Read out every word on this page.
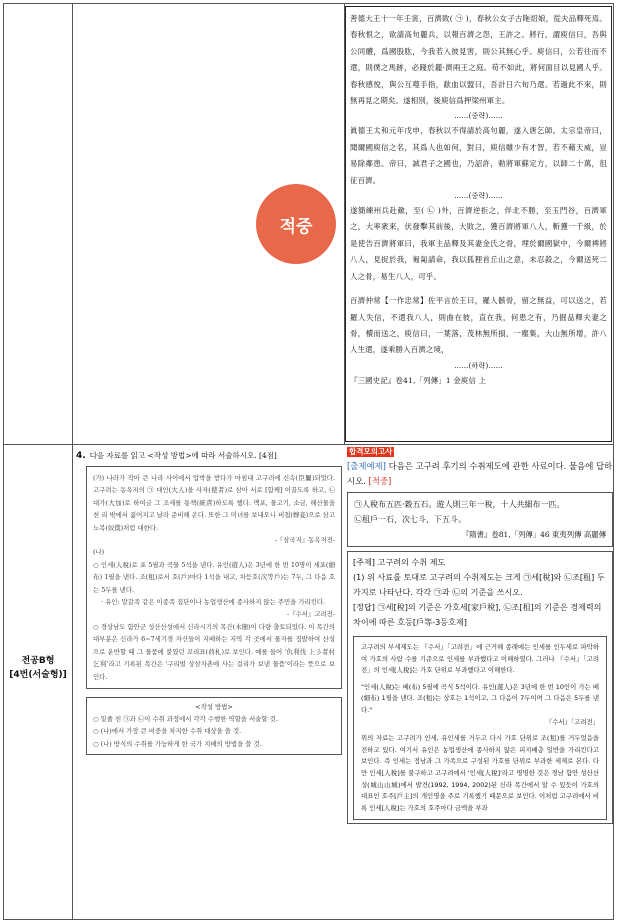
善德大王十一年壬寅，百濟敗( ㉠ )，春秋公女子古陁炤娘，從夫品釋死焉。春秋恨之，欲請高句麗兵，以報百濟之怨，王許之。將行，謂庾信曰，吾與公同體，爲國股肱，今我若入彼見害，則公其無心乎。庾信曰，公若往而不還，則僕之馬跡，必踐於麗·濟兩王之庭。苟不如此，將何面目以見國人乎。春秋感悅，與公互噬手指，歃血以盟曰，吾計日六旬乃還。若過此不來，則無再見之期矣。遂相別，後庾信爲押梁州軍主。

……(중략)……

眞德王太和元年戊申，春秋以不得請於高句麗，遂入唐乞師。太宗皇帝曰，聞爾國庾信之名，其爲人也如何，對曰，庾信雖少有才智，若不藉天威，豈易除鄰患。帝曰，誠君子之國也，乃詔許，勅將軍蘇定方，以師二十萬，徂征百濟。

……(중략)……

遂簡練州兵赴敵，至( ㉡ )外，百濟逆拒之，伴北不勝，至玉門谷，百濟軍之，大率衆來，伏發擊其前後，大敗之，獲百濟將軍八人，斬獲一千級，於是使告百濟將軍曰，我軍主品釋及其妻金氏之骨，埋於爾國獄中，今爾裨將八人，見捉於我，匍匐請命，我以狐狸首丘山之意，未忍殺之，今爾送死二人之骨，易生八人，可乎。

百濟仲常【一作忠常】佐平言於王曰，羅人骸骨，留之無益，可以送之，若羅人失信，不還我八人，則曲在彼，直在我，何患之有，乃掘品釋夫妻之骨，櫝而送之，庾信曰，一葉落，茂林無所損，一塵集，大山無所增，許八人生還，遂乘勝入百濟之境，

……(하략)……

『三國史記』卷41,「列傳」1 金庾信 上

적중
전공B형
[4번(서술형)]
4. 다음 자료를 읽고 <작성 방법>에 따라 서술하시오. [4점]

(가) 나라가 작아 큰 나라 사이에서 압박을 받다가 마침내 고구려에 신속(臣屬)되었다. 고구려는 동옥저의 ㉠ 대인(大人)을 사자(使者)로 삼아 서로 [함께] 이끌도록 하고, ㉡ 대가(大加)로 하여금 그 조세를 통책(統責)하도록 했다. 맥포, 물고기, 소금, 해산물을 천 리 밖에서 짊어지고 날라 준비해 온다. 또한 그 미녀를 보내오니 비첩(婢妾)으로 삼고 노복(奴僕)처럼 대한다.

-『삼국지』동옥저전-

(나)

○ 인세(人稅)로 포 5필과 곡물 5석을 낸다. 유인(遊人)은 3년에 한 번 10명이 세포(細布) 1필을 낸다. 조(租)로서 호(戶)마다 1석을 내고, 차등호(次等戶)는 7두, 그 다음 호는 5두를 낸다.

· 유인: 말갈족 같은 이종족 집단이나 농업생산에 종사하지 않는 주민을 가리킨다.

-『수서』고려전-

○ 경상남도 함안군 성산산성에서 신라시기의 목간(木簡)이 다량 출토되었다. 이 목간의 대부분은 신라가 6~7세기경 자신들이 지배하는 지역 각 곳에서 물자를 징발하여 산성으로 운반할 때 그 물품에 붙였던 꼬리표(荷札)로 보인다. 예를 들어 '仇利伐 上彡者村 乞利'라고 기록된 목간은 '구리벌 상삼자촌에 사는 걸리가 보낸 물품'이라는 뜻으로 보인다.

<작성 방법>

○ 밑줄 친 ㉠과 ㉡이 수취 과정에서 각각 수행한 역할을 서술할 것.

○ (나)에서 가장 큰 비중을 차지한 수취 대상을 쓸 것.

○ (나) 방식의 수취를 가능하게 한 국가 지배의 방법을 쓸 것.

합격모의고사
[출제예제] 다음은 고구려 후기의 수취제도에 관한 사료이다. 물음에 답하시오. [적중]

㉠人稅布五匹·穀五石。遊人則三年一稅，十人共細布一匹。

㉡租戶一石，次七斗，下五斗。

『隋書』卷81,「列傳」46 東夷列傳 高麗傳

[주제] 고구려의 수취 제도

(1) 위 사료를 토대로 고구려의 수취제도는 크게 ㉠세[稅]와 ㉡조[租] 두 가지로 나타난다. 각각 ㉠과 ㉡의 기준을 쓰시오.

[정답] ㉠세[稅]의 기준은 가호세[家戶稅], ㉡조[租]의 기준은 경제력의 차이에 따른 호등[戶等-3등호제]

고구려의 부세제도는 『수서』「고려전」에 근거해 종래에는 인세를 인두세로 파악하여 가호의 사람 수를 기준으로 인세를 부과했다고 이해하였다. 그러나 『수서』「고려전」의 인세[人稅]는 가호 단위로 부과했다고 이해한다.

"인세(人稅)는 베(布) 5필에 곡식 5석이다. 유인(遊人)은 3년에 한 번 10인이 가는 베(細布) 1필을 낸다. 조(租)는 상호는 1석이고, 그 다음이 7두이며 그 다음은 5두를 낸다."

『수서』「고려전」

위의 자료는 고구려가 인세, 유인세를 거두고 다시 가호 단위로 조(租)를 거두었음을 전하고 있다. 여기서 유인은 농업생산에 종사하지 않은 피지배층 일반을 가리킨다고 보인다. 즉 인세는 정남과 그 가족으로 구성된 가호를 단위로 부과한 세제로 본다. 다만 인세[人稅]를 불구하고 고구려에서 '인세[人稅]'라고 명명한 것은 경남 함안 성산산성(城山山城)에서 발견(1992, 1994, 2002)된 신라 목간에서 알 수 있듯이 가호의 대표인 호주[戶主]의 개인명을 주로 기록했기 때문으로 보인다. 이처럼 고구려에서 비록 인세[人稅]는 가호의 호주마다 금액을 부과
